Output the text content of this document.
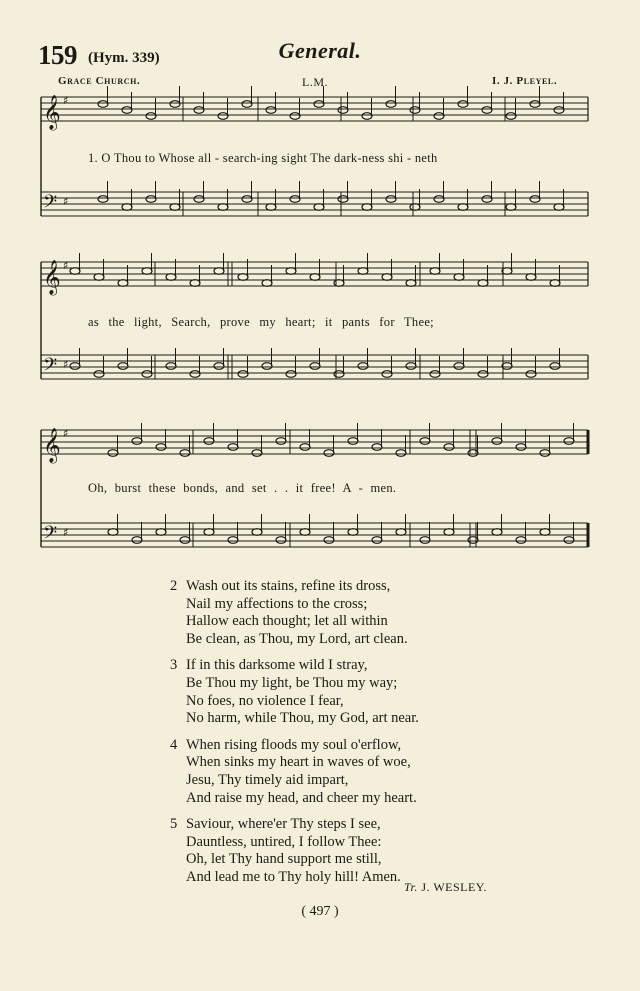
159 (Hym. 339)	General.
Grace Church.	L.M.	I. J. Pleyel.
𝄞 ♯
𝄢 ♯
𝄞 ♯
𝄢 ♯
𝄞 ♯
𝄢 ♯
1. O Thou to Whose all - search-ing sight The dark-ness shi - neth
as the light, Search, prove my heart; it pants for Thee;
Oh, burst these bonds, and set . . it free! A - men.
2 Wash out its stains, refine its dross,
Nail my affections to the cross;
Hallow each thought; let all within
Be clean, as Thou, my Lord, art clean.
3 If in this darksome wild I stray,
Be Thou my light, be Thou my way;
No foes, no violence I fear,
No harm, while Thou, my God, art near.
4 When rising floods my soul o'erflow,
When sinks my heart in waves of woe,
Jesu, Thy timely aid impart,
And raise my head, and cheer my heart.
5 Saviour, where'er Thy steps I see,
Dauntless, untired, I follow Thee:
Oh, let Thy hand support me still,
And lead me to Thy holy hill! Amen.
Tr. J. WESLEY.
( 497 )
